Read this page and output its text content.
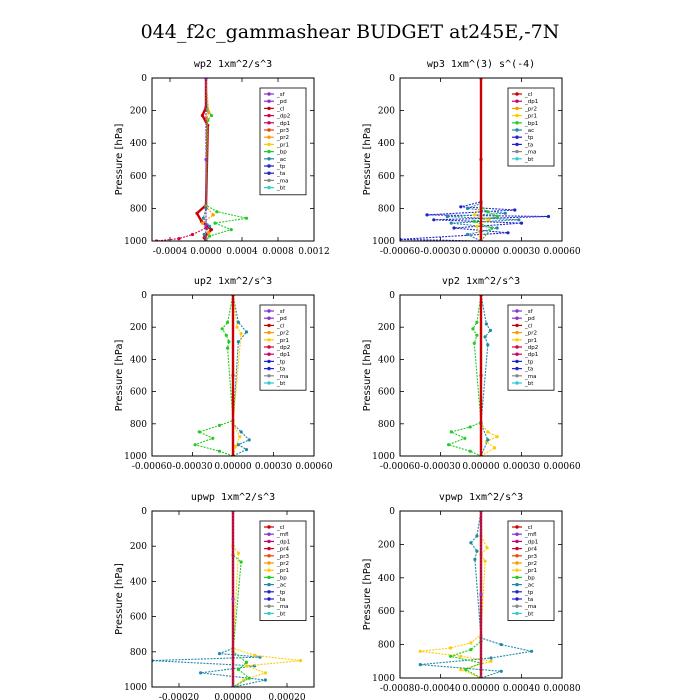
044_f2c_gammashear BUDGET at245E,-7N
wp2 1xm^2/s^3
Pressure [hPa]
0
200
400
600
800
1000
-0.0004 0.0000 0.0004 0.0008 0.0012
_sf
_pd
_cl
_dp2
_dp1
_pr3
_pr2
_pr1
_bp
_ac
_tp
_ta
_ma
_bt
wp3 1xm^(3) s^(-4)
Pressure [hPa]
0
200
400
600
800
1000
-0.00060 -0.00030 0.00000 0.00030 0.00060
_cl
_dp1
_pr2
_pr1
_bp1
_ac
_tp
_ta
_ma
_bt
up2 1xm^2/s^3
Pressure [hPa]
0
200
400
600
800
1000
-0.00060 -0.00030 0.00000 0.00030 0.00060
_sf
_pd
_cl
_pr2
_pr1
_dp2
_dp1
_tp
_ta
_ma
_bt
vp2 1xm^2/s^3
Pressure [hPa]
0
200
400
600
800
1000
-0.00060 -0.00030 0.00000 0.00030 0.00060
_sf
_pd
_cl
_pr2
_pr1
_dp2
_dp1
_tp
_ta
_ma
_bt
upwp 1xm^2/s^3
Pressure [hPa]
0
200
400
600
800
1000
-0.00020 0.00000 0.00020
_cl
_mfl
_dp1
_pr4
_pr3
_pr2
_pr1
_bp
_ac
_tp
_ta
_ma
_bt
vpwp 1xm^2/s^3
Pressure [hPa]
0
200
400
600
800
1000
-0.00080 -0.00040 0.00000 0.00040 0.00080
_cl
_mfl
_dp1
_pr4
_pr3
_pr2
_pr1
_bp
_ac
_tp
_ta
_ma
_bt
